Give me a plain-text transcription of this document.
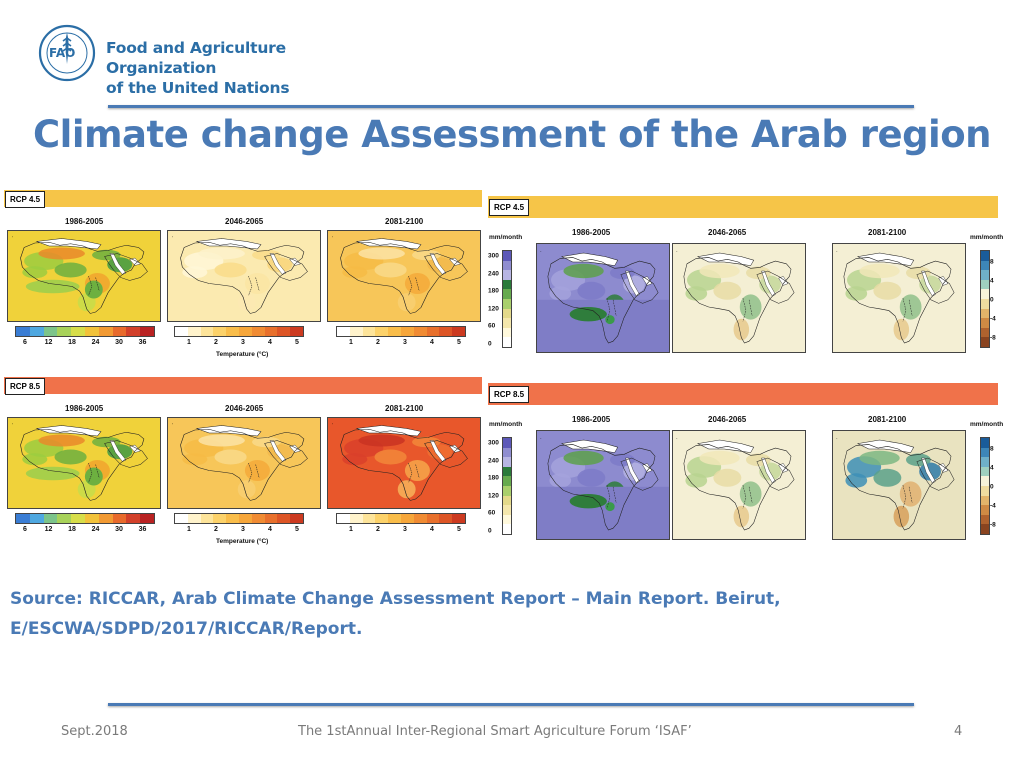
FAO Food and Agriculture Organization
of the United Nations
Climate change Assessment of the Arab region
RCP 4.5
1986-2005
·
2046-2065
·
2081-2100
·
6	12 18 24 30 36	1	2	3	4	5	1	2	3	4	5
Temperature (°C)
RCP 8.5
1986-2005
·
2046-2065
·
2081-2100
·
6	12 18 24 30 36	1	2	3	4	5	1	2	3	4	5
Temperature (°C)
RCP 4.5
1986-2005
·
2046-2065
·
2081-2100
·
mm/month	mm/month
300
240
180
120
60
0
8
4
0
-4
-8
RCP 8.5
1986-2005
·
2046-2065
·
2081-2100
·
mm/month	mm/month
300
240
180
120
60
0
8
4
0
-4
-8
Source: RICCAR, Arab Climate Change Assessment Report – Main Report. Beirut,
E/ESCWA/SDPD/2017/RICCAR/Report.
Sept.2018	The 1stAnnual Inter-Regional Smart Agriculture Forum ‘ISAF’	4
